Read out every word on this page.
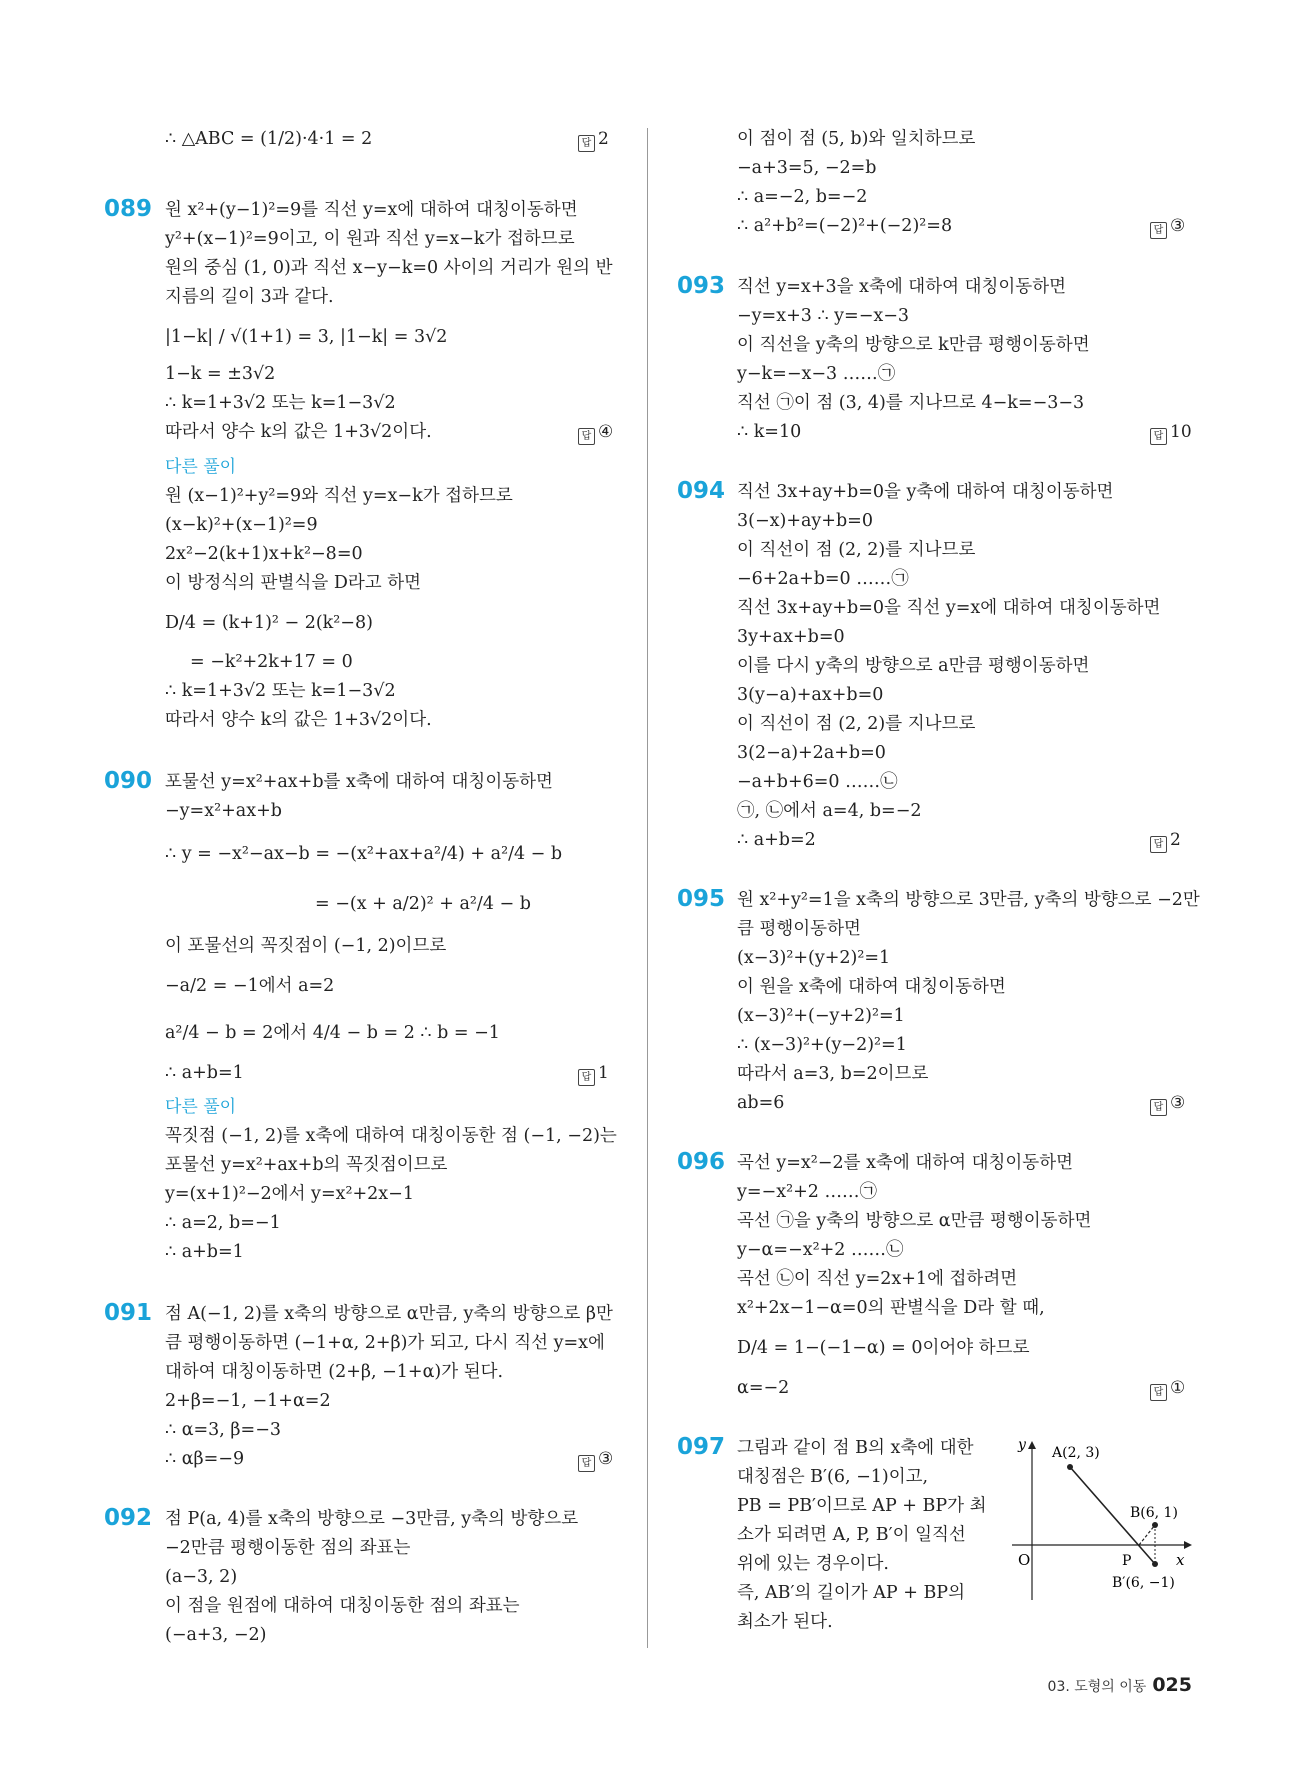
∴ △ABC = (1/2)·4·1 = 2	답 2
089 원 x²+(y−1)²=9를 직선 y=x에 대하여 대칭이동하면
y²+(x−1)²=9이고, 이 원과 직선 y=x−k가 접하므로
원의 중심 (1, 0)과 직선 x−y−k=0 사이의 거리가 원의 반
지름의 길이 3과 같다.
|1−k| / √(1+1) = 3, |1−k| = 3√2
1−k = ±3√2
∴ k=1+3√2 또는 k=1−3√2
따라서 양수 k의 값은 1+3√2이다.	답 ④
다른 풀이
원 (x−1)²+y²=9와 직선 y=x−k가 접하므로
(x−k)²+(x−1)²=9
2x²−2(k+1)x+k²−8=0
이 방정식의 판별식을 D라고 하면
D/4 = (k+1)² − 2(k²−8)
= −k²+2k+17 = 0
∴ k=1+3√2 또는 k=1−3√2
따라서 양수 k의 값은 1+3√2이다.
090 포물선 y=x²+ax+b를 x축에 대하여 대칭이동하면
−y=x²+ax+b
∴ y = −x²−ax−b = −(x²+ax+a²/4) + a²/4 − b
= −(x + a/2)² + a²/4 − b
이 포물선의 꼭짓점이 (−1, 2)이므로
−a/2 = −1에서 a=2
a²/4 − b = 2에서 4/4 − b = 2 ∴ b = −1
∴ a+b=1	답 1
다른 풀이
꼭짓점 (−1, 2)를 x축에 대하여 대칭이동한 점 (−1, −2)는
포물선 y=x²+ax+b의 꼭짓점이므로
y=(x+1)²−2에서 y=x²+2x−1
∴ a=2, b=−1
∴ a+b=1
091 점 A(−1, 2)를 x축의 방향으로 α만큼, y축의 방향으로 β만
큼 평행이동하면 (−1+α, 2+β)가 되고, 다시 직선 y=x에
대하여 대칭이동하면 (2+β, −1+α)가 된다.
2+β=−1, −1+α=2
∴ α=3, β=−3
∴ αβ=−9	답 ③
092 점 P(a, 4)를 x축의 방향으로 −3만큼, y축의 방향으로
−2만큼 평행이동한 점의 좌표는
(a−3, 2)
이 점을 원점에 대하여 대칭이동한 점의 좌표는
(−a+3, −2)
이 점이 점 (5, b)와 일치하므로
−a+3=5, −2=b
∴ a=−2, b=−2
∴ a²+b²=(−2)²+(−2)²=8	답 ③
093 직선 y=x+3을 x축에 대하여 대칭이동하면
−y=x+3 ∴ y=−x−3
이 직선을 y축의 방향으로 k만큼 평행이동하면
y−k=−x−3 ……㉠
직선 ㉠이 점 (3, 4)를 지나므로 4−k=−3−3
∴ k=10	답 10
094 직선 3x+ay+b=0을 y축에 대하여 대칭이동하면
3(−x)+ay+b=0
이 직선이 점 (2, 2)를 지나므로
−6+2a+b=0 ……㉠
직선 3x+ay+b=0을 직선 y=x에 대하여 대칭이동하면
3y+ax+b=0
이를 다시 y축의 방향으로 a만큼 평행이동하면
3(y−a)+ax+b=0
이 직선이 점 (2, 2)를 지나므로
3(2−a)+2a+b=0
−a+b+6=0 ……㉡
㉠, ㉡에서 a=4, b=−2
∴ a+b=2	답 2
095 원 x²+y²=1을 x축의 방향으로 3만큼, y축의 방향으로 −2만
큼 평행이동하면
(x−3)²+(y+2)²=1
이 원을 x축에 대하여 대칭이동하면
(x−3)²+(−y+2)²=1
∴ (x−3)²+(y−2)²=1
따라서 a=3, b=2이므로
ab=6	답 ③
096 곡선 y=x²−2를 x축에 대하여 대칭이동하면
y=−x²+2 ……㉠
곡선 ㉠을 y축의 방향으로 α만큼 평행이동하면
y−α=−x²+2 ……㉡
곡선 ㉡이 직선 y=2x+1에 접하려면
x²+2x−1−α=0의 판별식을 D라 할 때,
D/4 = 1−(−1−α) = 0이어야 하므로
α=−2	답 ①
097 그림과 같이 점 B의 x축에 대한
대칭점은 B′(6, −1)이고,
PB = PB′이므로 AP + BP가 최
소가 되려면 A, P, B′이 일직선
위에 있는 경우이다.
즉, AB′의 길이가 AP + BP의
최소가 된다.
x
y
O
A(2, 3)
B(6, 1)
P
B′(6, −1)
03. 도형의 이동 025
